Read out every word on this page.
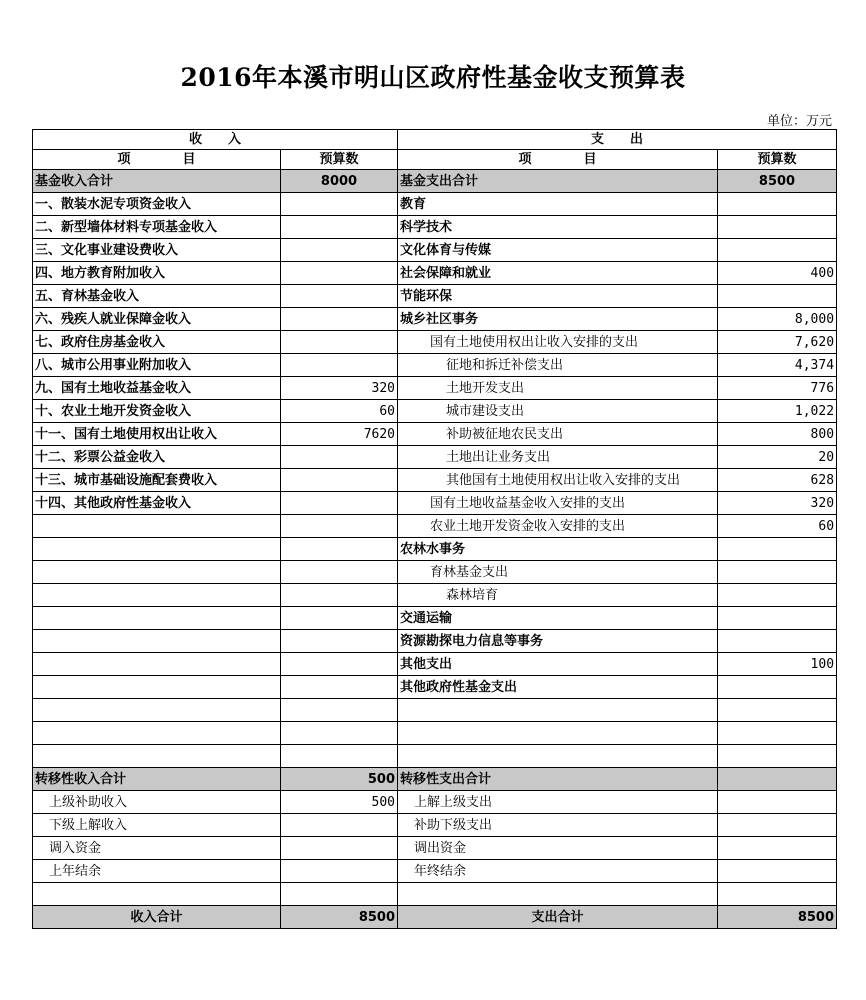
2016年本溪市明山区政府性基金收支预算表
单位：万元
收　　入		支　　出	
项　　　　目	预算数	项　　　　目	预算数
基金收入合计	8000	基金支出合计	8500
一、散装水泥专项资金收入		教育	
二、新型墙体材料专项基金收入		科学技术	
三、文化事业建设费收入		文化体育与传媒	
四、地方教育附加收入		社会保障和就业	400
五、育林基金收入		节能环保	
六、残疾人就业保障金收入		城乡社区事务	8,000
七、政府住房基金收入		国有土地使用权出让收入安排的支出	7,620
八、城市公用事业附加收入		征地和拆迁补偿支出	4,374
九、国有土地收益基金收入	320	土地开发支出	776
十、农业土地开发资金收入	60	城市建设支出	1,022
十一、国有土地使用权出让收入	7620	补助被征地农民支出	800
十二、彩票公益金收入		土地出让业务支出	20
十三、城市基础设施配套费收入		其他国有土地使用权出让收入安排的支出	628
十四、其他政府性基金收入		国有土地收益基金收入安排的支出	320
		农业土地开发资金收入安排的支出	60
		农林水事务	
		育林基金支出	
		森林培育	
		交通运输	
		资源勘探电力信息等事务	
		其他支出	100
		其他政府性基金支出	

转移性收入合计	500	转移性支出合计	
上级补助收入	500	上解上级支出	
下级上解收入		补助下级支出	
调入资金		调出资金	
上年结余		年终结余	

收入合计	8500	支出合计	8500
